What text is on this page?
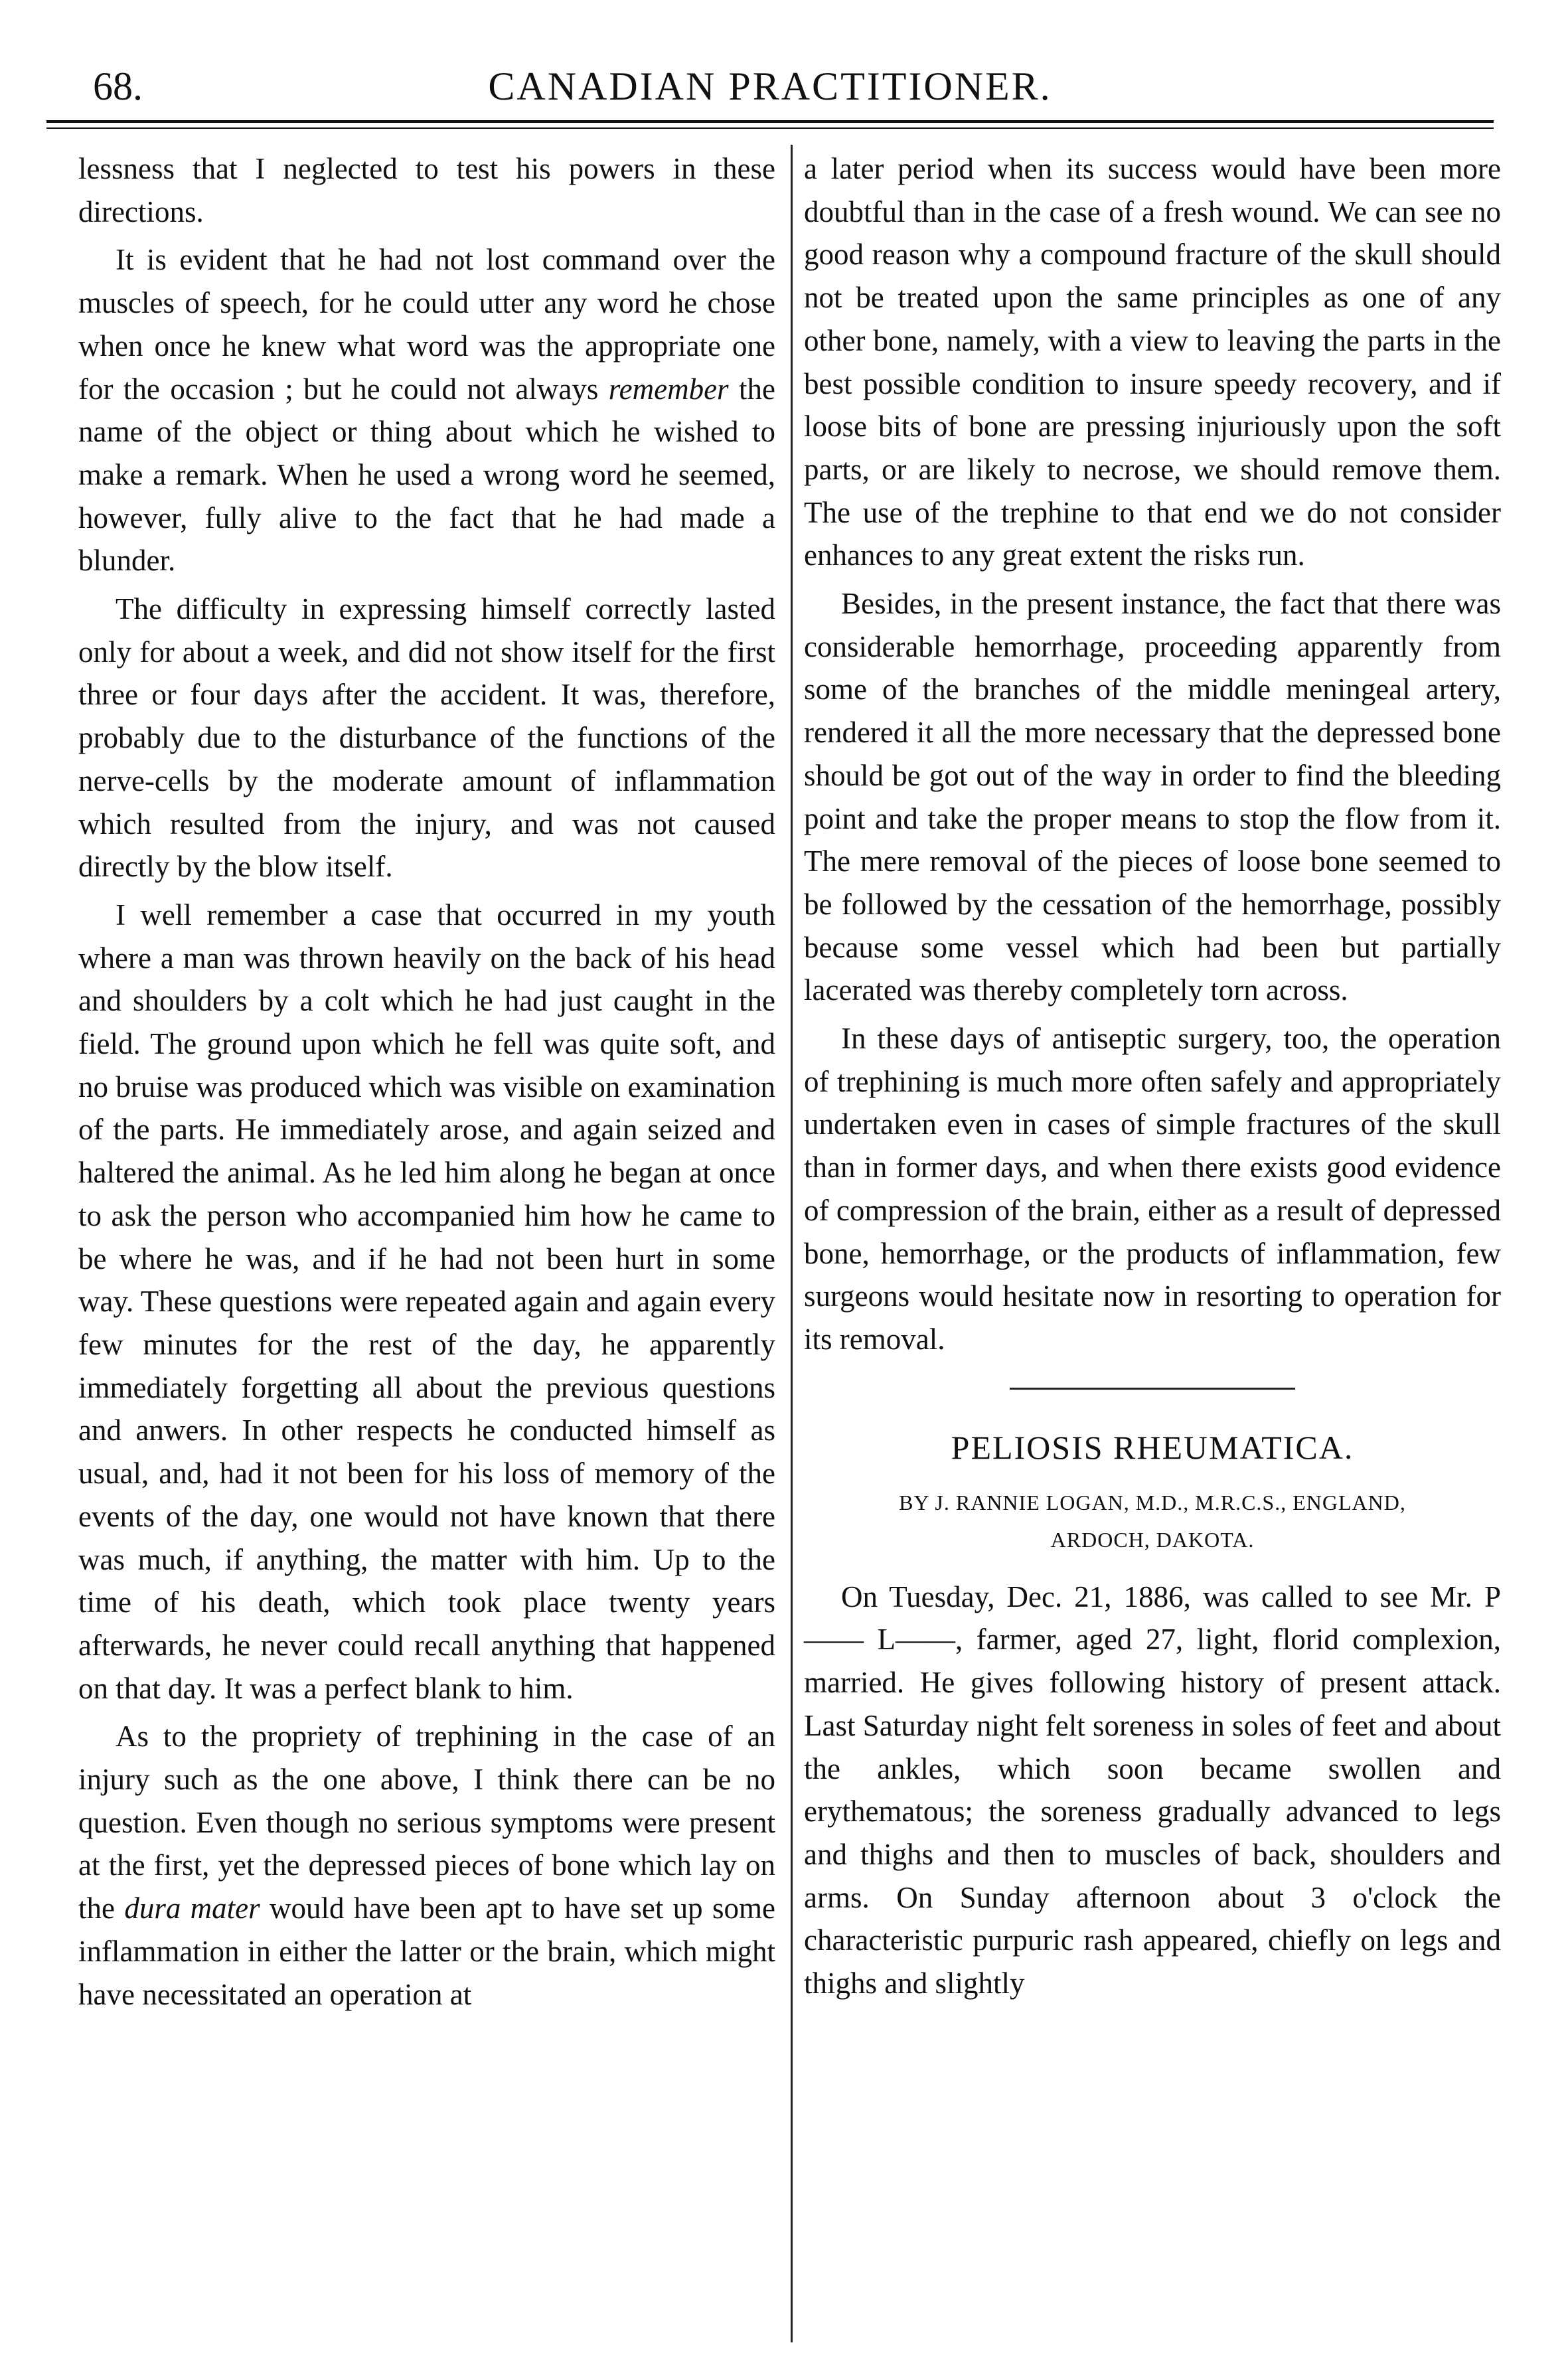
68.	CANADIAN PRACTITIONER.

lessness that I neglected to test his powers in these directions.

It is evident that he had not lost command over the muscles of speech, for he could utter any word he chose when once he knew what word was the appropriate one for the occasion ; but he could not always remember the name of the object or thing about which he wished to make a remark. When he used a wrong word he seemed, however, fully alive to the fact that he had made a blunder.

The difficulty in expressing himself correctly lasted only for about a week, and did not show itself for the first three or four days after the accident. It was, therefore, probably due to the disturbance of the functions of the nerve-cells by the moderate amount of inflammation which resulted from the injury, and was not caused directly by the blow itself.

I well remember a case that occurred in my youth where a man was thrown heavily on the back of his head and shoulders by a colt which he had just caught in the field. The ground upon which he fell was quite soft, and no bruise was produced which was visible on examination of the parts. He immediately arose, and again seized and haltered the animal. As he led him along he began at once to ask the person who accompanied him how he came to be where he was, and if he had not been hurt in some way. These questions were repeated again and again every few minutes for the rest of the day, he apparently immediately forgetting all about the previous questions and anwers. In other respects he conducted himself as usual, and, had it not been for his loss of memory of the events of the day, one would not have known that there was much, if anything, the matter with him. Up to the time of his death, which took place twenty years afterwards, he never could recall anything that happened on that day. It was a perfect blank to him.

As to the propriety of trephining in the case of an injury such as the one above, I think there can be no question. Even though no serious symptoms were present at the first, yet the depressed pieces of bone which lay on the dura mater would have been apt to have set up some inflammation in either the latter or the brain, which might have necessitated an operation at

a later period when its success would have been more doubtful than in the case of a fresh wound. We can see no good reason why a compound fracture of the skull should not be treated upon the same principles as one of any other bone, namely, with a view to leaving the parts in the best possible condition to insure speedy recovery, and if loose bits of bone are pressing injuriously upon the soft parts, or are likely to necrose, we should remove them. The use of the trephine to that end we do not consider enhances to any great extent the risks run.

Besides, in the present instance, the fact that there was considerable hemorrhage, proceeding apparently from some of the branches of the middle meningeal artery, rendered it all the more necessary that the depressed bone should be got out of the way in order to find the bleeding point and take the proper means to stop the flow from it. The mere removal of the pieces of loose bone seemed to be followed by the cessation of the hemorrhage, possibly because some vessel which had been but partially lacerated was thereby completely torn across.

In these days of antiseptic surgery, too, the operation of trephining is much more often safely and appropriately undertaken even in cases of simple fractures of the skull than in former days, and when there exists good evidence of compression of the brain, either as a result of depressed bone, hemorrhage, or the products of inflammation, few surgeons would hesitate now in resorting to operation for its removal.

PELIOSIS RHEUMATICA.
BY J. RANNIE LOGAN, M.D., M.R.C.S., ENGLAND,
ARDOCH, DAKOTA.

On Tuesday, Dec. 21, 1886, was called to see Mr. P—— L——, farmer, aged 27, light, florid complexion, married. He gives following history of present attack. Last Saturday night felt soreness in soles of feet and about the ankles, which soon became swollen and erythematous; the soreness gradually advanced to legs and thighs and then to muscles of back, shoulders and arms. On Sunday afternoon about 3 o'clock the characteristic purpuric rash appeared, chiefly on legs and thighs and slightly
